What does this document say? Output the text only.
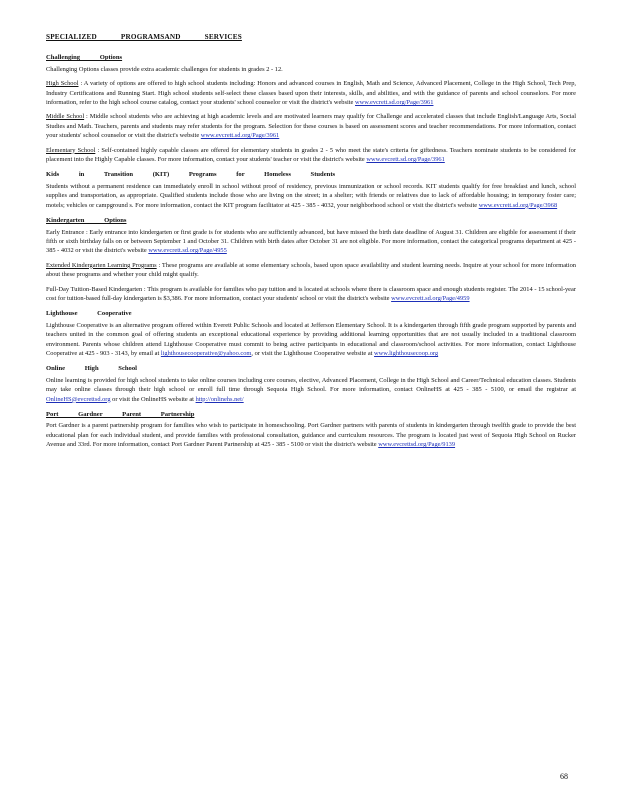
SPECIALIZED PROGRAMSAND SERVICES
Challenging Options

Challenging Options classes provide extra academic challenges for students in grades 2 - 12.

High School : A variety of options are offered to high school students including: Honors and advanced courses in English, Math and Science, Advanced Placement, College in the High School, Tech Prep, Industry Certifications and Running Start. High school students self-select these classes based upon their interests, skills, and abilities, and with the guidance of parents and school counselors. For more information, refer to the high school course catalog, contact your students' school counselor or visit the district's website www.evcrett.sd.org/Page/3961

Middle School : Middle school students who are achieving at high academic levels and are motivated learners may qualify for Challenge and accelerated classes that include English/Language Arts, Social Studies and Math. Teachers, parents and students may refer students for the program. Selection for these courses is based on assessment scores and teacher recommendations. For more information, contact your students' school counselor or visit the district's website www.evcrett.sd.org/Page/3961

Elementary School : Self-contained highly capable classes are offered for elementary students in grades 2 - 5 who meet the state's criteria for giftedness. Teachers nominate students to be considered for placement into the Highly Capable classes. For more information, contact your students' teacher or visit the district's website www.evcrett.sd.org/Page/3961

Kids in Transition (KIT) Programs for Homeless Students

Students without a permanent residence can immediately enroll in school without proof of residency, previous immunization or school records. KIT students qualify for free breakfast and lunch, school supplies and transportation, as appropriate. Qualified students include those who are living on the street; in a shelter; with friends or relatives due to lack of affordable housing; in temporary foster care; motels; vehicles or campground s. For more information, contact the KIT program facilitator at 425 - 385 - 4032, your neighborhood school or visit the district's website www.evcrett.sd.org/Page/3968

Kindergarten Options

Early Entrance : Early entrance into kindergarten or first grade is for students who are sufficiently advanced, but have missed the birth date deadline of August 31. Children are eligible for assessment if their fifth or sixth birthday falls on or between September 1 and October 31. Children with birth dates after October 31 are not eligible. For more information, contact the categorical programs department at 425 - 385 - 4032 or visit the district's website www.evcrett.sd.org/Page/4955

Extended Kindergarten Learning Programs : These programs are available at some elementary schools, based upon space availability and student learning needs. Inquire at your school for more information about these programs and whether your child might qualify.

Full-Day Tuition-Based Kindergarten : This program is available for families who pay tuition and is located at schools where there is classroom space and enough students register. The 2014 - 15 school-year cost for tuition-based full-day kindergarten is $3,386. For more information, contact your students' school or visit the district's website www.evcrett.sd.org/Page/4959

Lighthouse Cooperative

Lighthouse Cooperative is an alternative program offered within Everett Public Schools and located at Jefferson Elementary School. It is a kindergarten through fifth grade program supported by parents and teachers united in the common goal of offering students an exceptional educational experience by providing additional learning opportunities that are not usually included in a traditional classroom environment. Parents whose children attend Lighthouse Cooperative must commit to being active participants in educational and classroom/school activities. For more information, contact Lighthouse Cooperative at 425 - 903 - 3143, by email at lighthousecooperative@yahoo.com, or visit the Lighthouse Cooperative website at www.lighthousecoop.org

Online High School

Online learning is provided for high school students to take online courses including core courses, elective, Advanced Placement, College in the High School and Career/Technical education classes. Students may take online classes through their high school or enroll full time through Sequoia High School. For more information, contact OnlineHS at 425 - 385 - 5100, or email the registrar at OnlineHS@evcrettsd.org or visit the OnlineHS website at http://onlinehs.net/

Port Gardner Parent Partnership

Port Gardner is a parent partnership program for families who wish to participate in homeschooling. Port Gardner partners with parents of students in kindergarten through twelfth grade to provide the best educational plan for each individual student, and provide families with professional consultation, guidance and curriculum resources. The program is located just west of Sequoia High School on Rucker Avenue and 33rd. For more information, contact Port Gardner Parent Partnership at 425 - 385 - 5100 or visit the district's website www.evcrettsd.org/Page/9139

68
